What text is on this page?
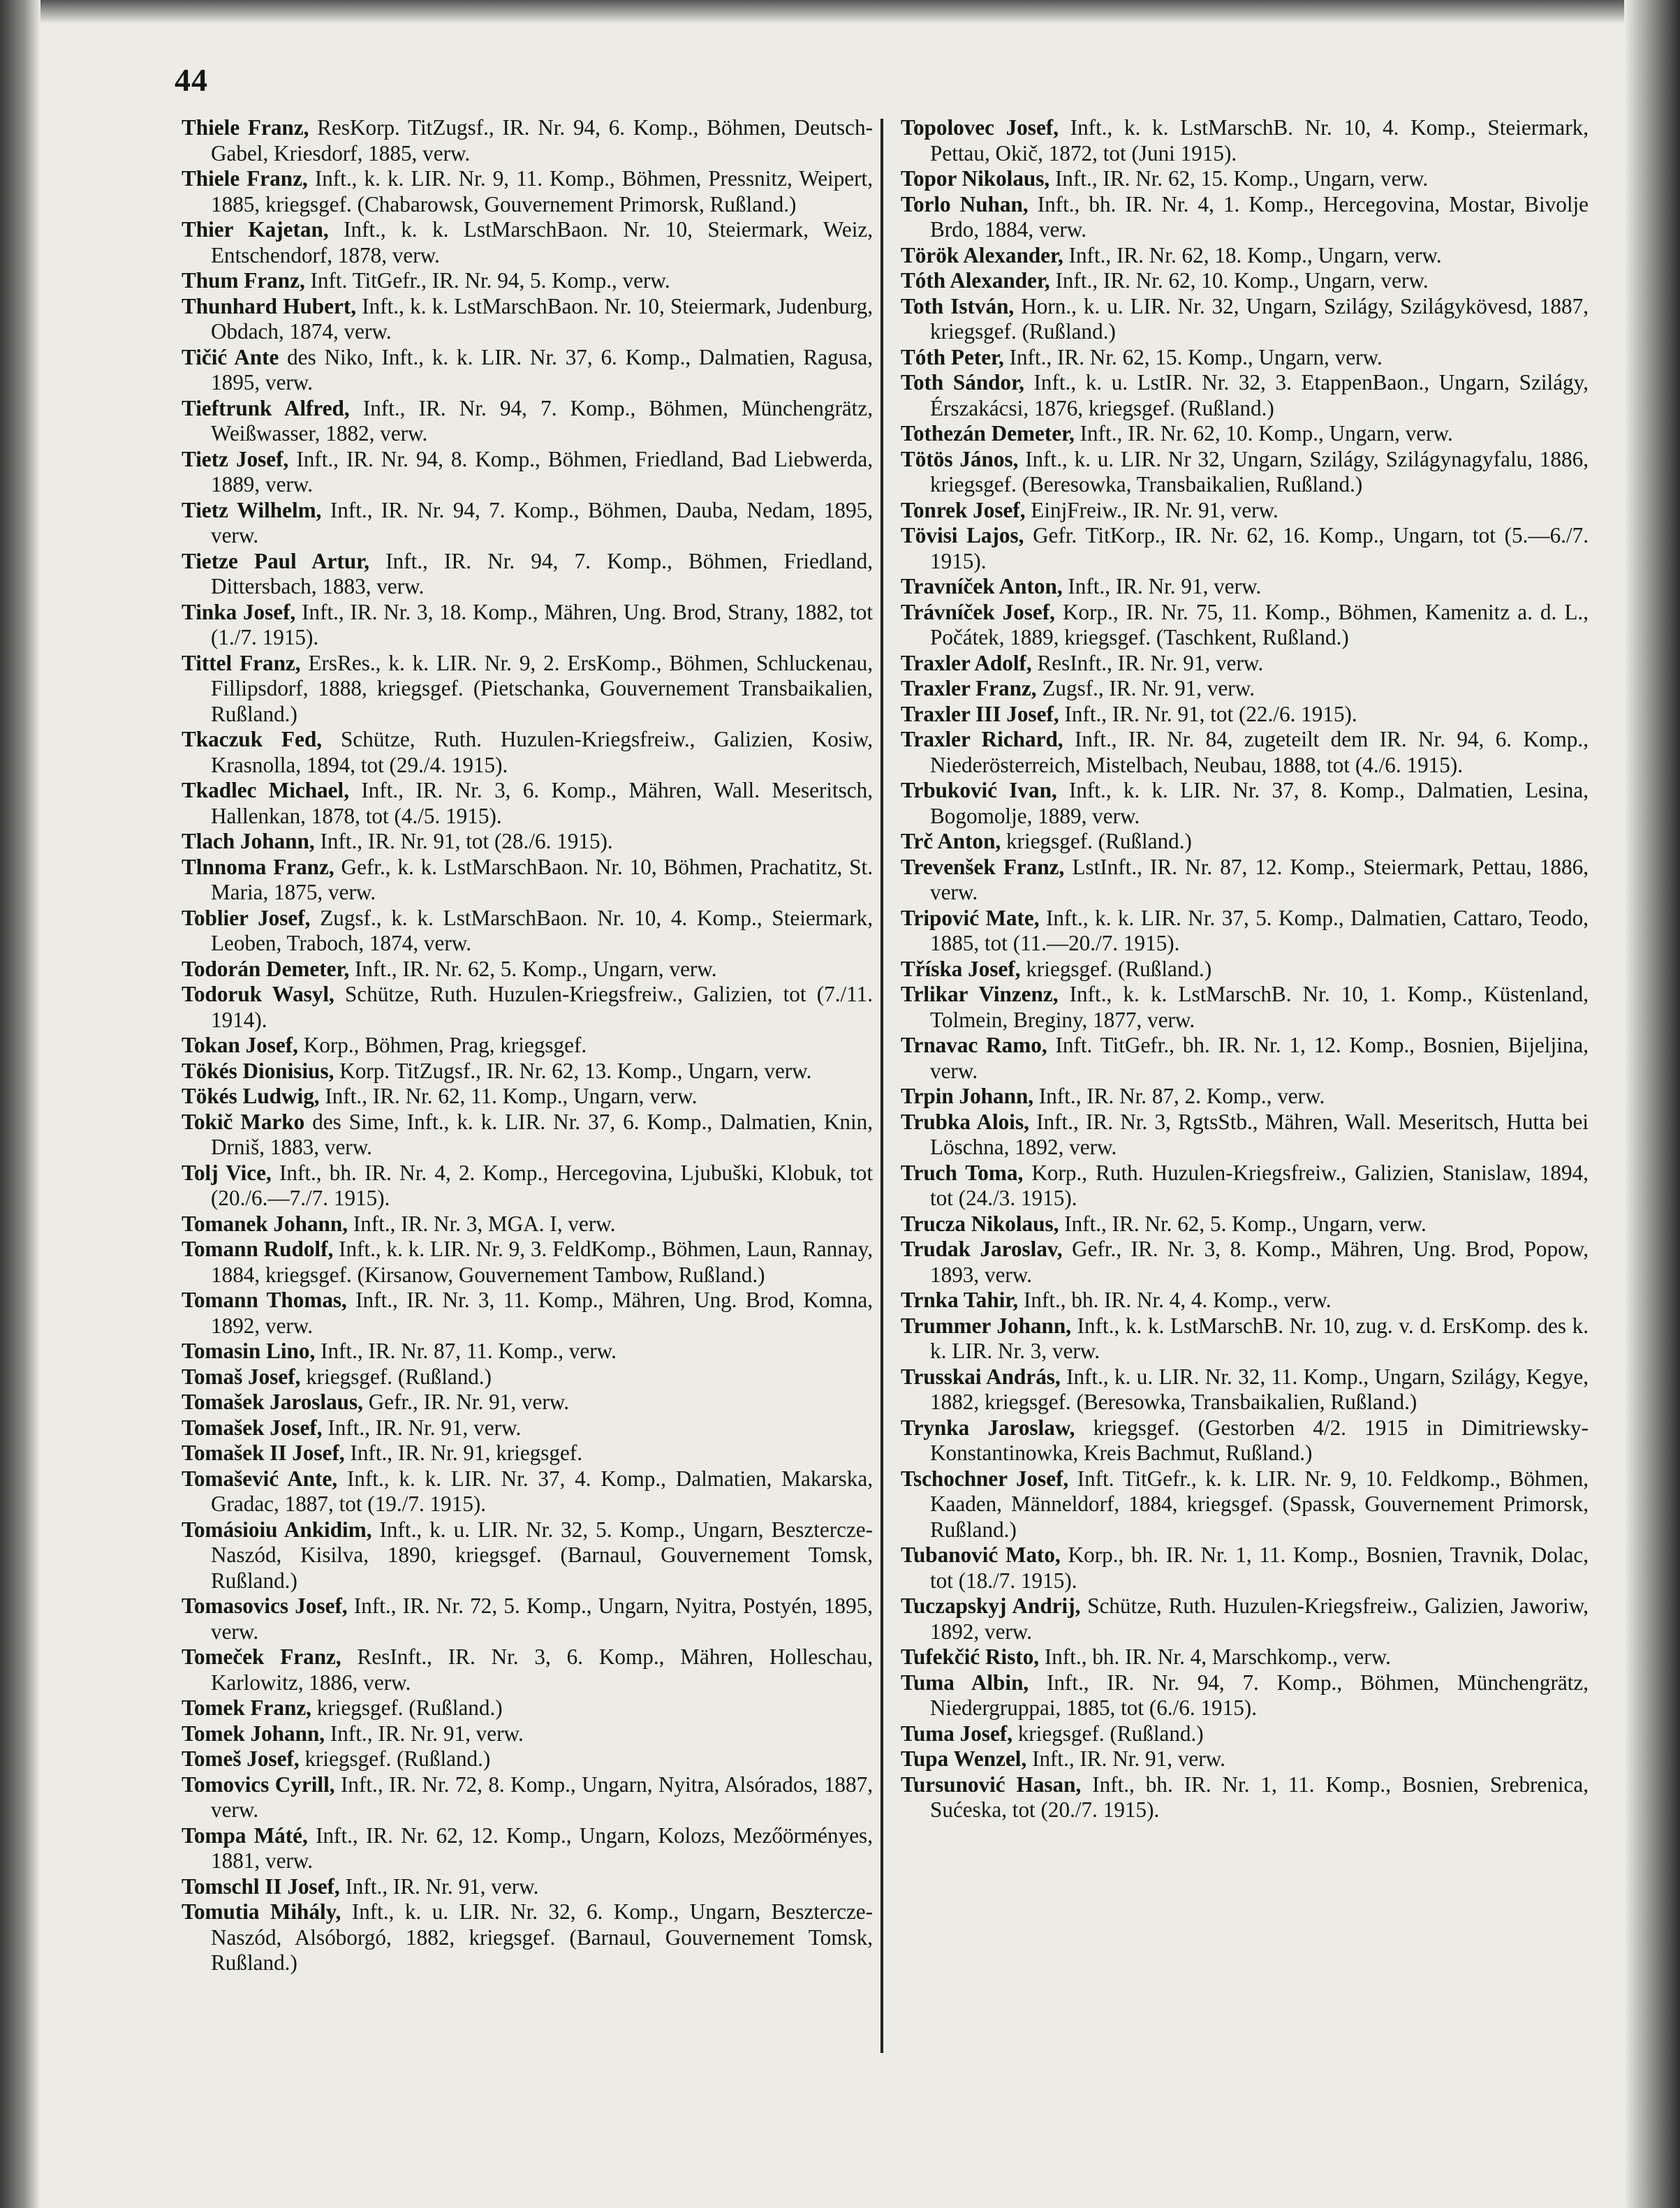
44

Thiele Franz, ResKorp. TitZugsf., IR. Nr. 94, 6. Komp., Böhmen, Deutsch-Gabel, Kriesdorf, 1885, verw.

Thiele Franz, Inft., k. k. LIR. Nr. 9, 11. Komp., Böhmen, Pressnitz, Weipert, 1885, kriegsgef. (Chabarowsk, Gouvernement Primorsk, Rußland.)

Thier Kajetan, Inft., k. k. LstMarschBaon. Nr. 10, Steiermark, Weiz, Entschendorf, 1878, verw.

Thum Franz, Inft. TitGefr., IR. Nr. 94, 5. Komp., verw.

Thunhard Hubert, Inft., k. k. LstMarschBaon. Nr. 10, Steiermark, Judenburg, Obdach, 1874, verw.

Tičić Ante des Niko, Inft., k. k. LIR. Nr. 37, 6. Komp., Dalmatien, Ragusa, 1895, verw.

Tieftrunk Alfred, Inft., IR. Nr. 94, 7. Komp., Böhmen, Münchengrätz, Weißwasser, 1882, verw.

Tietz Josef, Inft., IR. Nr. 94, 8. Komp., Böhmen, Friedland, Bad Liebwerda, 1889, verw.

Tietz Wilhelm, Inft., IR. Nr. 94, 7. Komp., Böhmen, Dauba, Nedam, 1895, verw.

Tietze Paul Artur, Inft., IR. Nr. 94, 7. Komp., Böhmen, Friedland, Dittersbach, 1883, verw.

Tinka Josef, Inft., IR. Nr. 3, 18. Komp., Mähren, Ung. Brod, Strany, 1882, tot (1./7. 1915).

Tittel Franz, ErsRes., k. k. LIR. Nr. 9, 2. ErsKomp., Böhmen, Schluckenau, Fillipsdorf, 1888, kriegsgef. (Pietschanka, Gouvernement Transbaikalien, Rußland.)

Tkaczuk Fed, Schütze, Ruth. Huzulen-Kriegsfreiw., Galizien, Kosiw, Krasnolla, 1894, tot (29./4. 1915).

Tkadlec Michael, Inft., IR. Nr. 3, 6. Komp., Mähren, Wall. Meseritsch, Hallenkan, 1878, tot (4./5. 1915).

Tlach Johann, Inft., IR. Nr. 91, tot (28./6. 1915).

Tlnnoma Franz, Gefr., k. k. LstMarschBaon. Nr. 10, Böhmen, Prachatitz, St. Maria, 1875, verw.

Toblier Josef, Zugsf., k. k. LstMarschBaon. Nr. 10, 4. Komp., Steiermark, Leoben, Traboch, 1874, verw.

Todorán Demeter, Inft., IR. Nr. 62, 5. Komp., Ungarn, verw.

Todoruk Wasyl, Schütze, Ruth. Huzulen-Kriegsfreiw., Galizien, tot (7./11. 1914).

Tokan Josef, Korp., Böhmen, Prag, kriegsgef.

Tökés Dionisius, Korp. TitZugsf., IR. Nr. 62, 13. Komp., Ungarn, verw.

Tökés Ludwig, Inft., IR. Nr. 62, 11. Komp., Ungarn, verw.

Tokič Marko des Sime, Inft., k. k. LIR. Nr. 37, 6. Komp., Dalmatien, Knin, Drniš, 1883, verw.

Tolj Vice, Inft., bh. IR. Nr. 4, 2. Komp., Hercegovina, Ljubuški, Klobuk, tot (20./6.—7./7. 1915).

Tomanek Johann, Inft., IR. Nr. 3, MGA. I, verw.

Tomann Rudolf, Inft., k. k. LIR. Nr. 9, 3. FeldKomp., Böhmen, Laun, Rannay, 1884, kriegsgef. (Kirsanow, Gouvernement Tambow, Rußland.)

Tomann Thomas, Inft., IR. Nr. 3, 11. Komp., Mähren, Ung. Brod, Komna, 1892, verw.

Tomasin Lino, Inft., IR. Nr. 87, 11. Komp., verw.

Tomaš Josef, kriegsgef. (Rußland.)

Tomašek Jaroslaus, Gefr., IR. Nr. 91, verw.

Tomašek Josef, Inft., IR. Nr. 91, verw.

Tomašek II Josef, Inft., IR. Nr. 91, kriegsgef.

Tomašević Ante, Inft., k. k. LIR. Nr. 37, 4. Komp., Dalmatien, Makarska, Gradac, 1887, tot (19./7. 1915).

Tomásioiu Ankidim, Inft., k. u. LIR. Nr. 32, 5. Komp., Ungarn, Besztercze-Naszód, Kisilva, 1890, kriegsgef. (Barnaul, Gouvernement Tomsk, Rußland.)

Tomasovics Josef, Inft., IR. Nr. 72, 5. Komp., Ungarn, Nyitra, Postyén, 1895, verw.

Tomeček Franz, ResInft., IR. Nr. 3, 6. Komp., Mähren, Holleschau, Karlowitz, 1886, verw.

Tomek Franz, kriegsgef. (Rußland.)

Tomek Johann, Inft., IR. Nr. 91, verw.

Tomeš Josef, kriegsgef. (Rußland.)

Tomovics Cyrill, Inft., IR. Nr. 72, 8. Komp., Ungarn, Nyitra, Alsórados, 1887, verw.

Tompa Máté, Inft., IR. Nr. 62, 12. Komp., Ungarn, Kolozs, Mezőörményes, 1881, verw.

Tomschl II Josef, Inft., IR. Nr. 91, verw.

Tomutia Mihály, Inft., k. u. LIR. Nr. 32, 6. Komp., Ungarn, Besztercze-Naszód, Alsóborgó, 1882, kriegsgef. (Barnaul, Gouvernement Tomsk, Rußland.)

Topolovec Josef, Inft., k. k. LstMarschB. Nr. 10, 4. Komp., Steiermark, Pettau, Okič, 1872, tot (Juni 1915).

Topor Nikolaus, Inft., IR. Nr. 62, 15. Komp., Ungarn, verw.

Torlo Nuhan, Inft., bh. IR. Nr. 4, 1. Komp., Hercegovina, Mostar, Bivolje Brdo, 1884, verw.

Török Alexander, Inft., IR. Nr. 62, 18. Komp., Ungarn, verw.

Tóth Alexander, Inft., IR. Nr. 62, 10. Komp., Ungarn, verw.

Toth István, Horn., k. u. LIR. Nr. 32, Ungarn, Szilágy, Szilágykövesd, 1887, kriegsgef. (Rußland.)

Tóth Peter, Inft., IR. Nr. 62, 15. Komp., Ungarn, verw.

Toth Sándor, Inft., k. u. LstIR. Nr. 32, 3. EtappenBaon., Ungarn, Szilágy, Érszakácsi, 1876, kriegsgef. (Rußland.)

Tothezán Demeter, Inft., IR. Nr. 62, 10. Komp., Ungarn, verw.

Tötös János, Inft., k. u. LIR. Nr 32, Ungarn, Szilágy, Szilágynagyfalu, 1886, kriegsgef. (Beresowka, Transbaikalien, Rußland.)

Tonrek Josef, EinjFreiw., IR. Nr. 91, verw.

Tövisi Lajos, Gefr. TitKorp., IR. Nr. 62, 16. Komp., Ungarn, tot (5.—6./7. 1915).

Travníček Anton, Inft., IR. Nr. 91, verw.

Trávníček Josef, Korp., IR. Nr. 75, 11. Komp., Böhmen, Kamenitz a. d. L., Počátek, 1889, kriegsgef. (Taschkent, Rußland.)

Traxler Adolf, ResInft., IR. Nr. 91, verw.

Traxler Franz, Zugsf., IR. Nr. 91, verw.

Traxler III Josef, Inft., IR. Nr. 91, tot (22./6. 1915).

Traxler Richard, Inft., IR. Nr. 84, zugeteilt dem IR. Nr. 94, 6. Komp., Niederösterreich, Mistelbach, Neubau, 1888, tot (4./6. 1915).

Trbuković Ivan, Inft., k. k. LIR. Nr. 37, 8. Komp., Dalmatien, Lesina, Bogomolje, 1889, verw.

Trč Anton, kriegsgef. (Rußland.)

Trevenšek Franz, LstInft., IR. Nr. 87, 12. Komp., Steiermark, Pettau, 1886, verw.

Tripović Mate, Inft., k. k. LIR. Nr. 37, 5. Komp., Dalmatien, Cattaro, Teodo, 1885, tot (11.—20./7. 1915).

Tříska Josef, kriegsgef. (Rußland.)

Trlikar Vinzenz, Inft., k. k. LstMarschB. Nr. 10, 1. Komp., Küstenland, Tolmein, Breginy, 1877, verw.

Trnavac Ramo, Inft. TitGefr., bh. IR. Nr. 1, 12. Komp., Bosnien, Bijeljina, verw.

Trpin Johann, Inft., IR. Nr. 87, 2. Komp., verw.

Trubka Alois, Inft., IR. Nr. 3, RgtsStb., Mähren, Wall. Meseritsch, Hutta bei Löschna, 1892, verw.

Truch Toma, Korp., Ruth. Huzulen-Kriegsfreiw., Galizien, Stanislaw, 1894, tot (24./3. 1915).

Trucza Nikolaus, Inft., IR. Nr. 62, 5. Komp., Ungarn, verw.

Trudak Jaroslav, Gefr., IR. Nr. 3, 8. Komp., Mähren, Ung. Brod, Popow, 1893, verw.

Trnka Tahir, Inft., bh. IR. Nr. 4, 4. Komp., verw.

Trummer Johann, Inft., k. k. LstMarschB. Nr. 10, zug. v. d. ErsKomp. des k. k. LIR. Nr. 3, verw.

Trusskai András, Inft., k. u. LIR. Nr. 32, 11. Komp., Ungarn, Szilágy, Kegye, 1882, kriegsgef. (Beresowka, Transbaikalien, Rußland.)

Trynka Jaroslaw, kriegsgef. (Gestorben 4/2. 1915 in Dimitriewsky-Konstantinowka, Kreis Bachmut, Rußland.)

Tschochner Josef, Inft. TitGefr., k. k. LIR. Nr. 9, 10. Feldkomp., Böhmen, Kaaden, Männeldorf, 1884, kriegsgef. (Spassk, Gouvernement Primorsk, Rußland.)

Tubanović Mato, Korp., bh. IR. Nr. 1, 11. Komp., Bosnien, Travnik, Dolac, tot (18./7. 1915).

Tuczapskyj Andrij, Schütze, Ruth. Huzulen-Kriegsfreiw., Galizien, Jaworiw, 1892, verw.

Tufekčić Risto, Inft., bh. IR. Nr. 4, Marschkomp., verw.

Tuma Albin, Inft., IR. Nr. 94, 7. Komp., Böhmen, Münchengrätz, Niedergruppai, 1885, tot (6./6. 1915).

Tuma Josef, kriegsgef. (Rußland.)

Tupa Wenzel, Inft., IR. Nr. 91, verw.

Tursunović Hasan, Inft., bh. IR. Nr. 1, 11. Komp., Bosnien, Srebrenica, Sućeska, tot (20./7. 1915).
